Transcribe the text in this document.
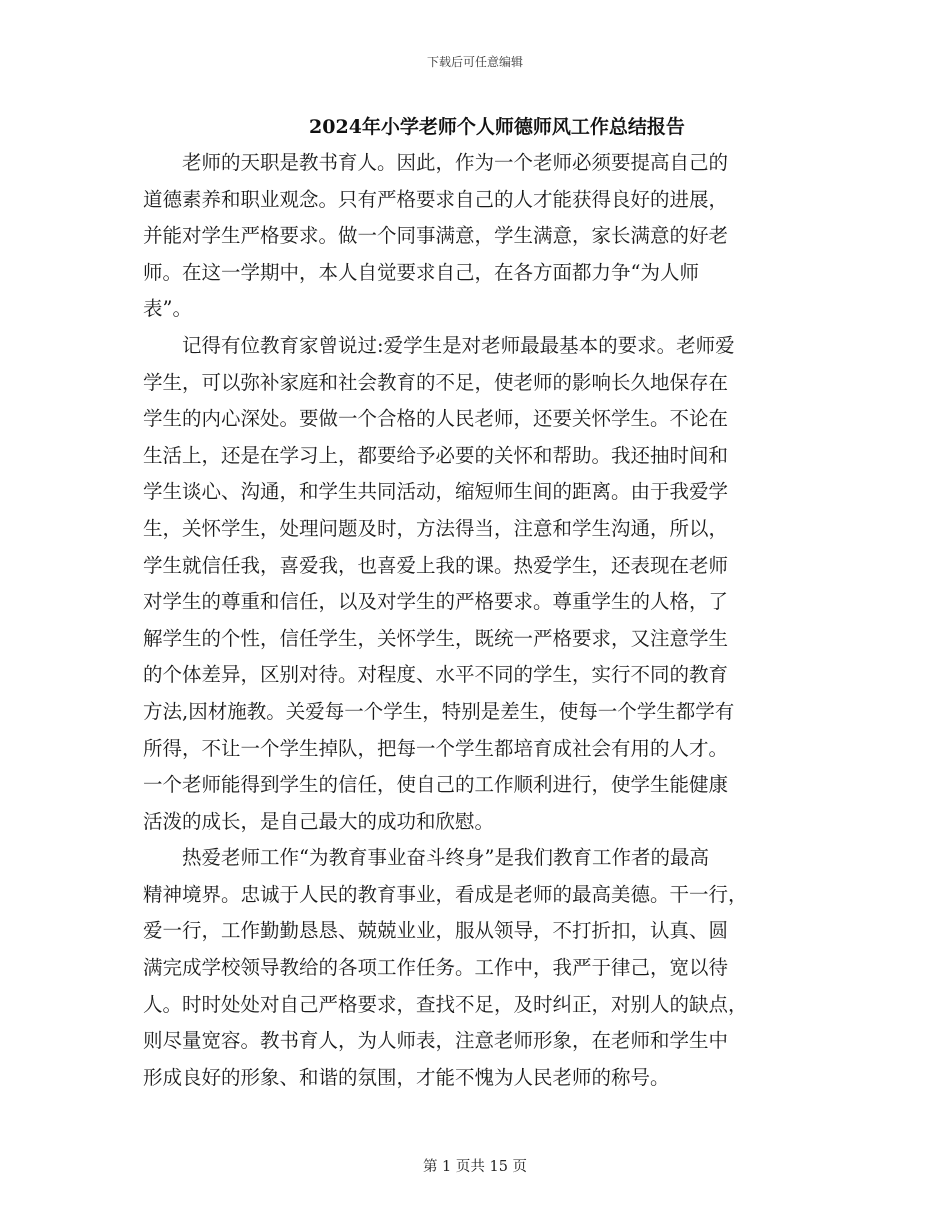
下载后可任意编辑
2024年小学老师个人师德师风工作总结报告
老师的天职是教书育人。因此，作为一个老师必须要提高自己的
道德素养和职业观念。只有严格要求自己的人才能获得良好的进展，
并能对学生严格要求。做一个同事满意，学生满意，家长满意的好老
师。在这一学期中，本人自觉要求自己，在各方面都力争“为人师
表”。
记得有位教育家曾说过:爱学生是对老师最最基本的要求。老师爱
学生，可以弥补家庭和社会教育的不足，使老师的影响长久地保存在
学生的内心深处。要做一个合格的人民老师，还要关怀学生。不论在
生活上，还是在学习上，都要给予必要的关怀和帮助。我还抽时间和
学生谈心、沟通，和学生共同活动，缩短师生间的距离。由于我爱学
生，关怀学生，处理问题及时，方法得当，注意和学生沟通，所以，
学生就信任我，喜爱我，也喜爱上我的课。热爱学生，还表现在老师
对学生的尊重和信任，以及对学生的严格要求。尊重学生的人格，了
解学生的个性，信任学生，关怀学生，既统一严格要求，又注意学生
的个体差异，区别对待。对程度、水平不同的学生，实行不同的教育
方法,因材施教。关爱每一个学生，特别是差生，使每一个学生都学有
所得，不让一个学生掉队，把每一个学生都培育成社会有用的人才。
一个老师能得到学生的信任，使自己的工作顺利进行，使学生能健康
活泼的成长，是自己最大的成功和欣慰。
热爱老师工作“为教育事业奋斗终身”是我们教育工作者的最高
精神境界。忠诚于人民的教育事业，看成是老师的最高美德。干一行，
爱一行，工作勤勤恳恳、兢兢业业，服从领导，不打折扣，认真、圆
满完成学校领导教给的各项工作任务。工作中，我严于律己，宽以待
人。时时处处对自己严格要求，查找不足，及时纠正，对别人的缺点，
则尽量宽容。教书育人，为人师表，注意老师形象，在老师和学生中
形成良好的形象、和谐的氛围，才能不愧为人民老师的称号。
第 1 页共 15 页
